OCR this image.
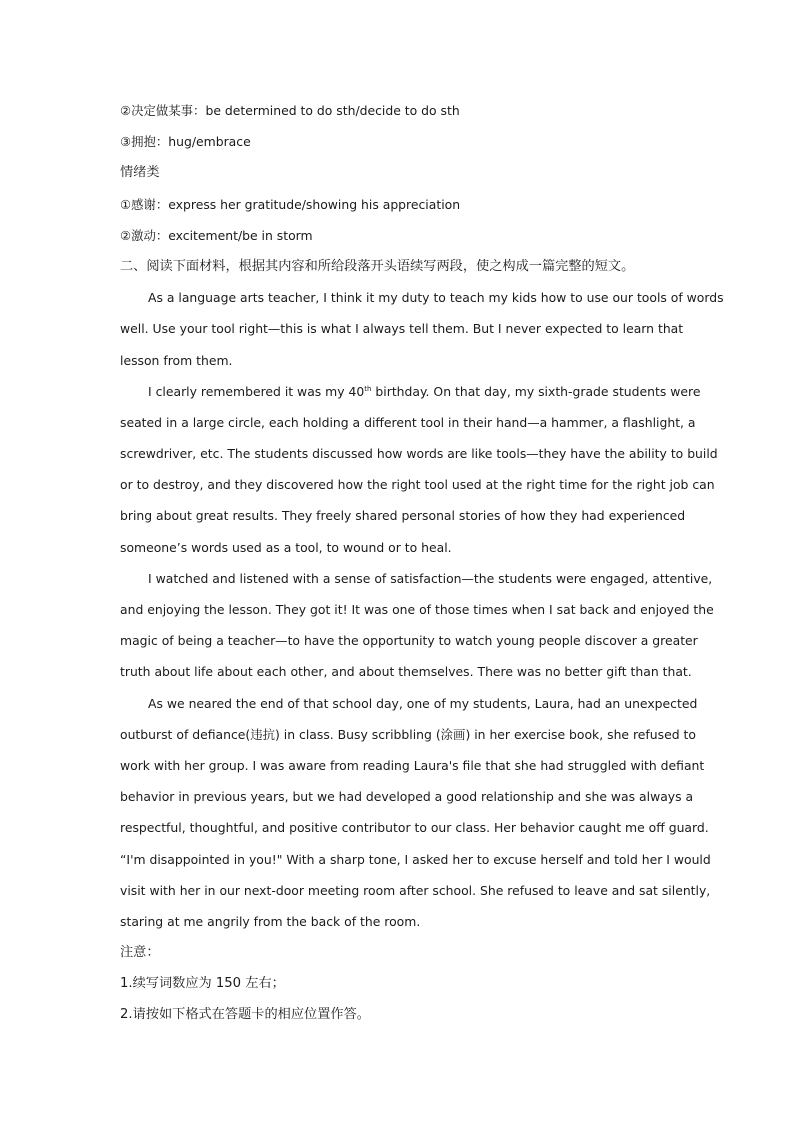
②决定做某事：be determined to do sth/decide to do sth
③拥抱：hug/embrace
情绪类
①感谢：express her gratitude/showing his appreciation
②激动：excitement/be in storm
二、阅读下面材料，根据其内容和所给段落开头语续写两段，使之构成一篇完整的短文。
As a language arts teacher, I think it my duty to teach my kids how to use our tools of words
well. Use your tool right—this is what I always tell them. But I never expected to learn that
lesson from them.
I clearly remembered it was my 40th birthday. On that day, my sixth-grade students were
seated in a large circle, each holding a different tool in their hand—a hammer, a flashlight, a
screwdriver, etc. The students discussed how words are like tools—they have the ability to build
or to destroy, and they discovered how the right tool used at the right time for the right job can
bring about great results. They freely shared personal stories of how they had experienced
someone’s words used as a tool, to wound or to heal.
I watched and listened with a sense of satisfaction—the students were engaged, attentive,
and enjoying the lesson. They got it! It was one of those times when I sat back and enjoyed the
magic of being a teacher—to have the opportunity to watch young people discover a greater
truth about life about each other, and about themselves. There was no better gift than that.
As we neared the end of that school day, one of my students, Laura, had an unexpected
outburst of defiance(违抗) in class. Busy scribbling (涂画) in her exercise book, she refused to
work with her group. I was aware from reading Laura's file that she had struggled with defiant
behavior in previous years, but we had developed a good relationship and she was always a
respectful, thoughtful, and positive contributor to our class. Her behavior caught me off guard.
“I'm disappointed in you!" With a sharp tone, I asked her to excuse herself and told her I would
visit with her in our next-door meeting room after school. She refused to leave and sat silently,
staring at me angrily from the back of the room.
注意：
1.续写词数应为 150 左右；
2.请按如下格式在答题卡的相应位置作答。
